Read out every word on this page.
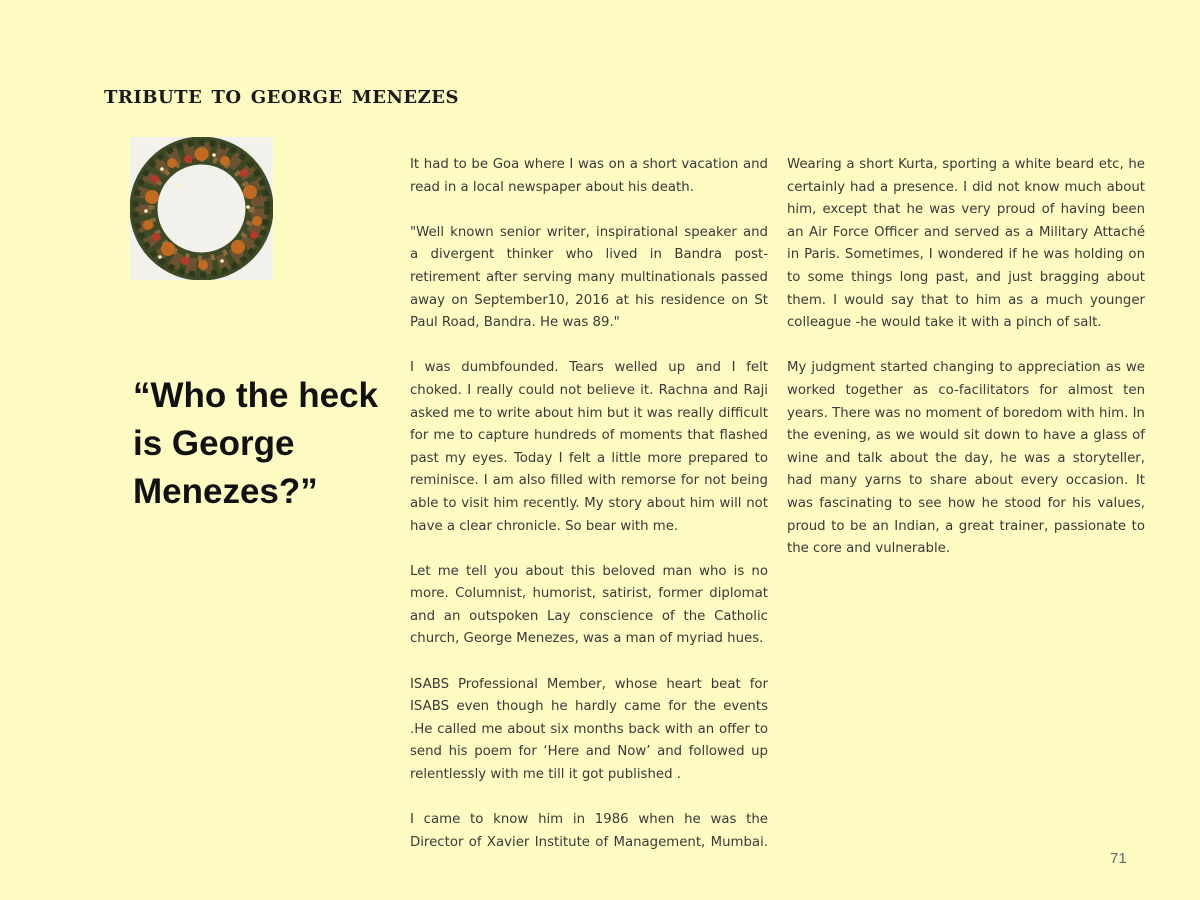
tribute to george menezes
“Who the heck is George Menezes?”

It had to be Goa where I was on a short vacation and read in a local newspaper about his death.

"Well known senior writer, inspirational speaker and a divergent thinker who lived in Bandra post-retirement after serving many multinationals passed away on September10, 2016 at his residence on St Paul Road, Bandra. He was 89."

I was dumbfounded. Tears welled up and I felt choked. I really could not believe it. Rachna and Raji asked me to write about him but it was really difficult for me to capture hundreds of moments that flashed past my eyes. Today I felt a little more prepared to reminisce. I am also filled with remorse for not being able to visit him recently. My story about him will not have a clear chronicle. So bear with me.

Let me tell you about this beloved man who is no more. Columnist, humorist, satirist, former diplomat and an outspoken Lay conscience of the Catholic church, George Menezes, was a man of myriad hues.

ISABS Professional Member, whose heart beat for ISABS even though he hardly came for the events .He called me about six months back with an offer to send his poem for ‘Here and Now’ and followed up relentlessly with me till it got published .

I came to know him in 1986 when he was the Director of Xavier Institute of Management, Mumbai. Wearing a short Kurta, sporting a white beard etc, he certainly had a presence. I did not know much about him, except that he was very proud of having been an Air Force Officer and served as a Military Attaché in Paris. Sometimes, I wondered if he was holding on to some things long past, and just bragging about them. I would say that to him as a much younger colleague -he would take it with a pinch of salt.

My judgment started changing to appreciation as we worked together as co-facilitators for almost ten years. There was no moment of boredom with him. In the evening, as we would sit down to have a glass of wine and talk about the day, he was a storyteller, had many yarns to share about every occasion. It was fascinating to see how he stood for his values, proud to be an Indian, a great trainer, passionate to the core and vulnerable.

71
